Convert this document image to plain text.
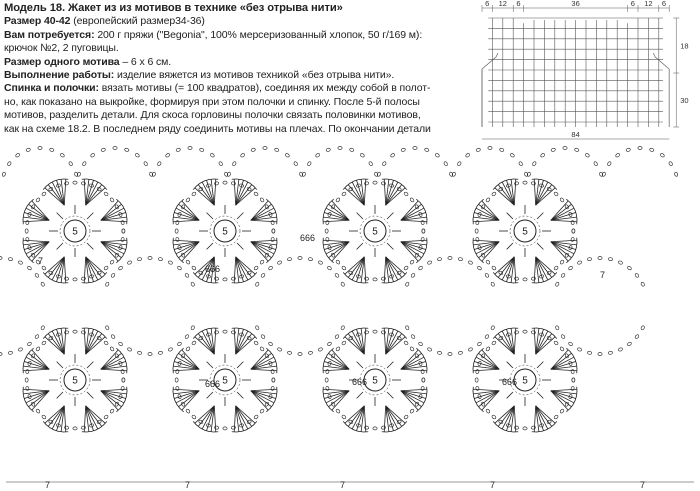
Модель 18. Жакет из из мотивов в технике «без отрыва нити»

Размер 40-42 (европейский размер34-36)

Вам потребуется: 200 г пряжи ("Begonia", 100% мерсеризованный хлопок, 50 г/169 м):

крючок №2, 2 пуговицы.

Размер одного мотива – 6 х 6 см.

Выполнение работы: изделие вяжется из мотивов техникой «без отрыва нити».

Спинка и полочки: вязать мотивы (= 100 квадратов), соединяя их между собой в полот-

но, как показано на выкройке, формируя при этом полочки и спинку. После 5-й полосы

мотивов, разделить детали. Для скоса горловины полочки связать половинки мотивов,

как на схеме 18.2. В последнем ряду соединить мотивы на плечах. По окончании детали

6 12 6	36	6 12 6
18
30
84
5	5	5	5
5	5	5	5
666
666
666	666	666
7	7	7	7	7
7
7
